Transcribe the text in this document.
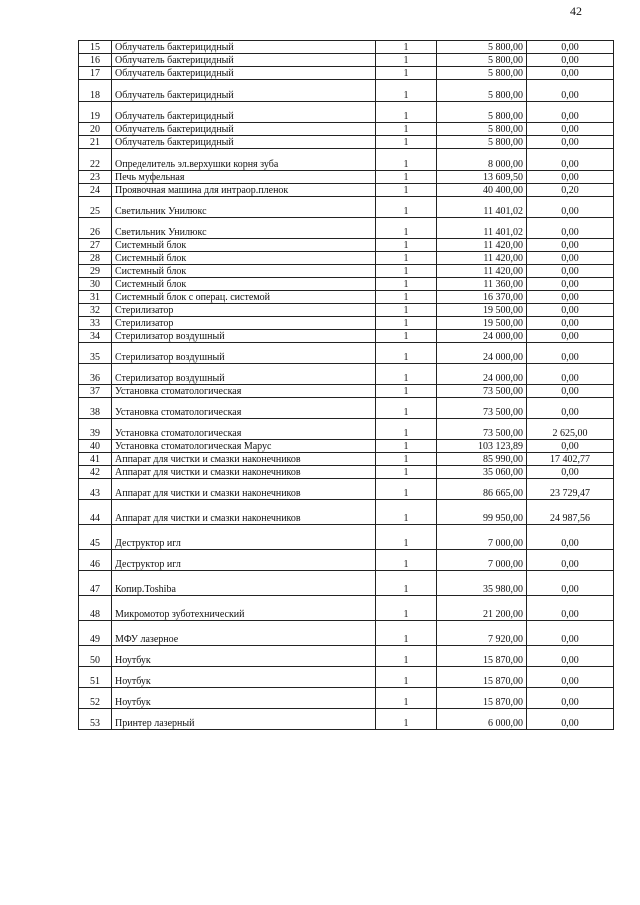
42
15	Облучатель бактерицидный	1	5 800,00	0,00
16	Облучатель бактерицидный	1	5 800,00	0,00
17	Облучатель бактерицидный	1	5 800,00	0,00
18	Облучатель бактерицидный	1	5 800,00	0,00
19	Облучатель бактерицидный	1	5 800,00	0,00
20	Облучатель бактерицидный	1	5 800,00	0,00
21	Облучатель бактерицидный	1	5 800,00	0,00
22	Определитель эл.верхушки корня зуба	1	8 000,00	0,00
23	Печь муфельная	1	13 609,50	0,00
24	Проявочная машина для интраор.пленок	1	40 400,00	0,20
25	Светильник Унилюкс	1	11 401,02	0,00
26	Светильник Унилюкс	1	11 401,02	0,00
27	Системный блок	1	11 420,00	0,00
28	Системный блок	1	11 420,00	0,00
29	Системный блок	1	11 420,00	0,00
30	Системный блок	1	11 360,00	0,00
31	Системный блок с операц. системой	1	16 370,00	0,00
32	Стерилизатор	1	19 500,00	0,00
33	Стерилизатор	1	19 500,00	0,00
34	Стерилизатор воздушный	1	24 000,00	0,00
35	Стерилизатор воздушный	1	24 000,00	0,00
36	Стерилизатор воздушный	1	24 000,00	0,00
37	Установка стоматологическая	1	73 500,00	0,00
38	Установка стоматологическая	1	73 500,00	0,00
39	Установка стоматологическая	1	73 500,00	2 625,00
40	Установка стоматологическая Марус	1	103 123,89	0,00
41	Аппарат для чистки и смазки наконечников	1	85 990,00	17 402,77
42	Аппарат для чистки и смазки наконечников	1	35 060,00	0,00
43	Аппарат для чистки и смазки наконечников	1	86 665,00	23 729,47
44	Аппарат для чистки и смазки наконечников	1	99 950,00	24 987,56
45	Деструктор игл	1	7 000,00	0,00
46	Деструктор игл	1	7 000,00	0,00
47	Копир.Toshiba	1	35 980,00	0,00
48	Микромотор зуботехнический	1	21 200,00	0,00
49	МФУ лазерное	1	7 920,00	0,00
50	Ноутбук	1	15 870,00	0,00
51	Ноутбук	1	15 870,00	0,00
52	Ноутбук	1	15 870,00	0,00
53	Принтер лазерный	1	6 000,00	0,00
